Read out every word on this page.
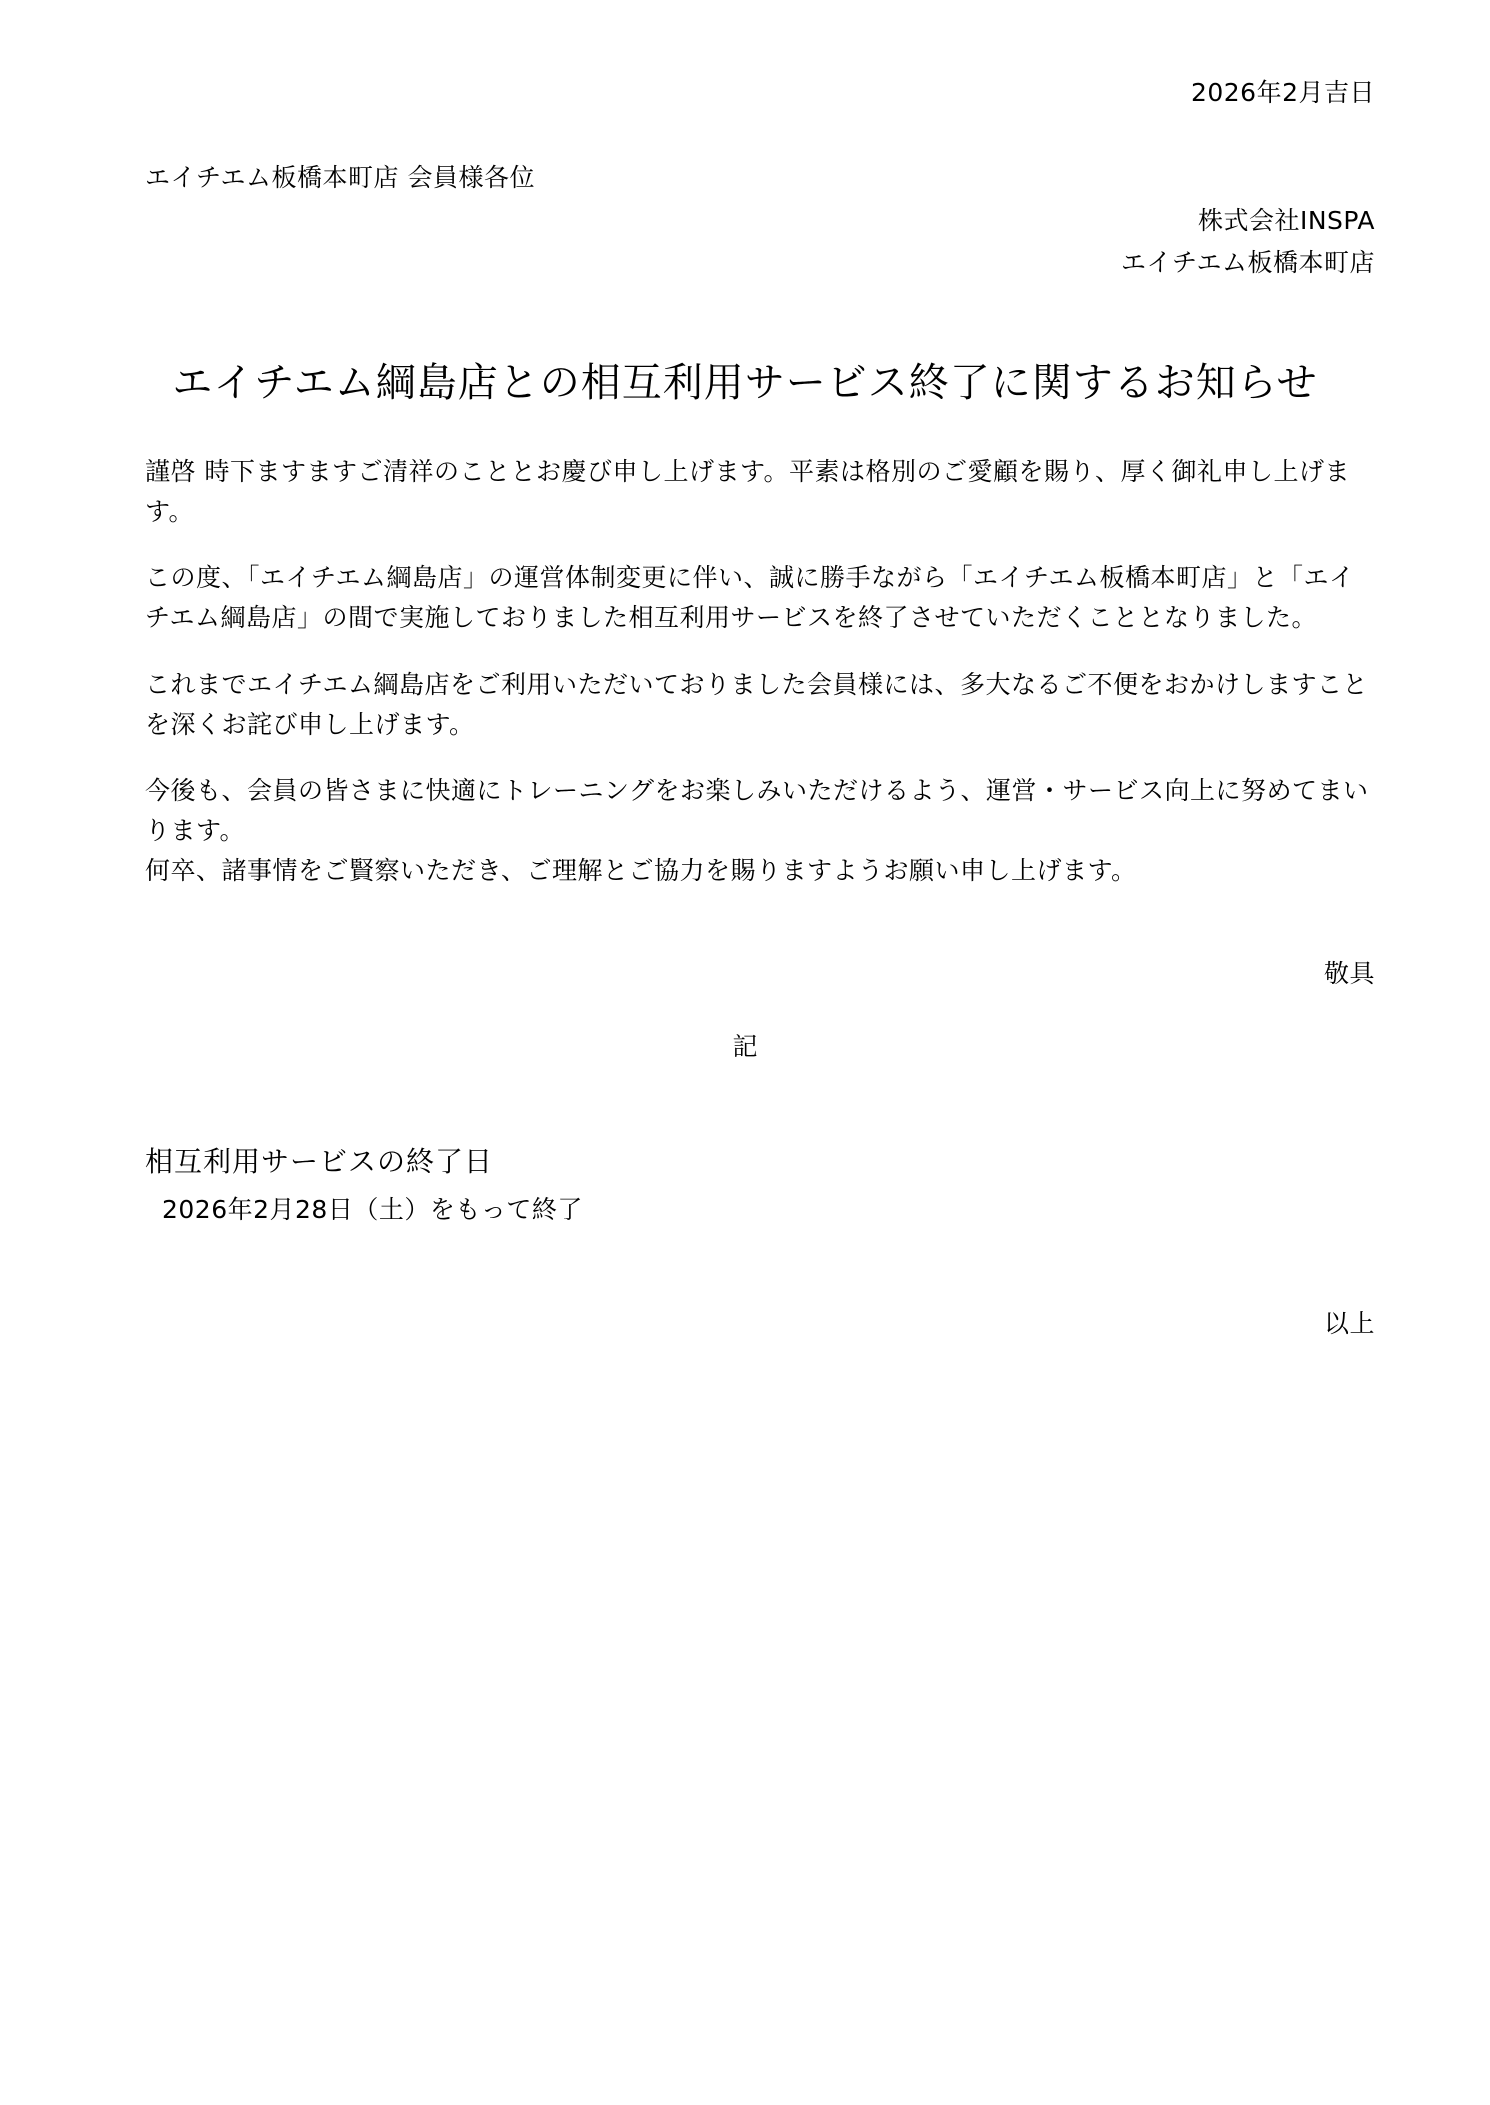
2026年2月吉日
エイチエム板橋本町店 会員様各位
株式会社INSPA
エイチエム板橋本町店
エイチエム綱島店との相互利用サービス終了に関するお知らせ
謹啓 時下ますますご清祥のこととお慶び申し上げます。平素は格別のご愛顧を賜り、厚く御礼申し上げます。
この度、「エイチエム綱島店」の運営体制変更に伴い、誠に勝手ながら「エイチエム板橋本町店」と「エイチエム綱島店」の間で実施しておりました相互利用サービスを終了させていただくこととなりました。
これまでエイチエム綱島店をご利用いただいておりました会員様には、多大なるご不便をおかけしますことを深くお詫び申し上げます。
今後も、会員の皆さまに快適にトレーニングをお楽しみいただけるよう、運営・サービス向上に努めてまいります。
何卒、諸事情をご賢察いただき、ご理解とご協力を賜りますようお願い申し上げます。
敬具
記
相互利用サービスの終了日
2026年2月28日（土）をもって終了
以上
